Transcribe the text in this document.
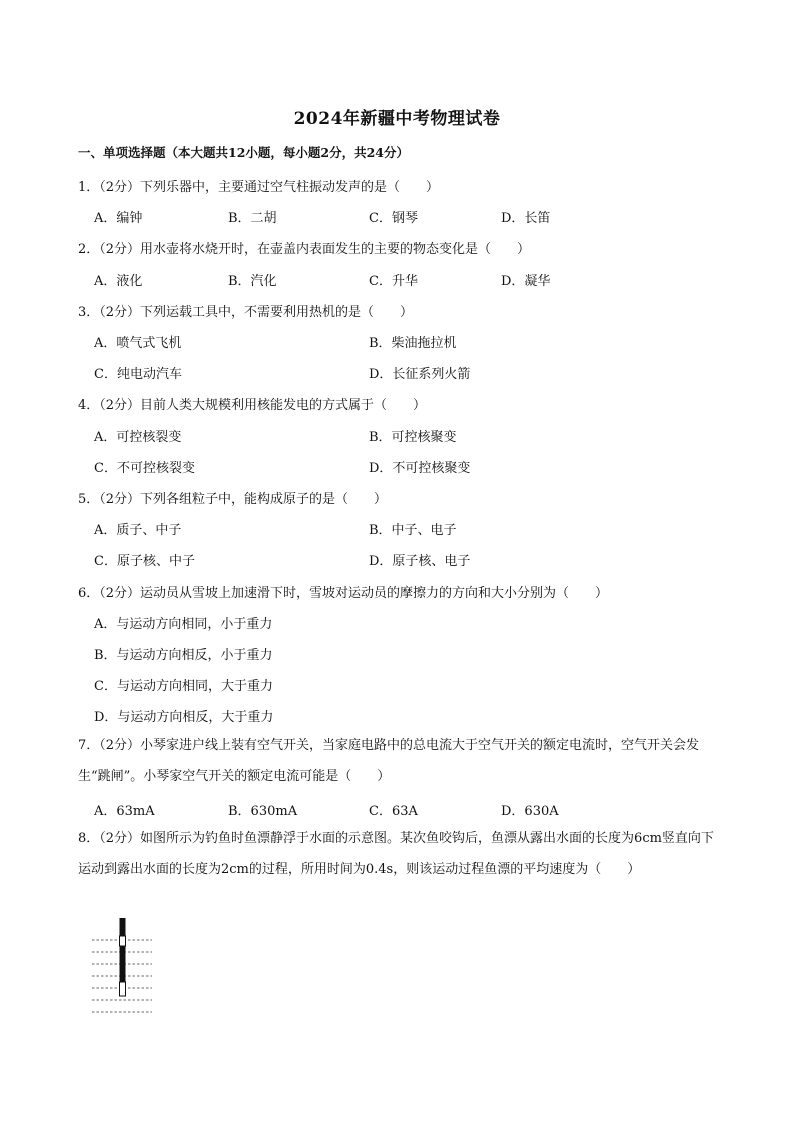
2024年新疆中考物理试卷
一、单项选择题（本大题共12小题，每小题2分，共24分）
1．（2分）下列乐器中，主要通过空气柱振动发声的是（　　）
A．编钟	B．二胡	C．钢琴	D．长笛
2．（2分）用水壶将水烧开时，在壶盖内表面发生的主要的物态变化是（　　）
A．液化	B．汽化	C．升华	D．凝华
3．（2分）下列运载工具中，不需要利用热机的是（　　）
A．喷气式飞机	B．柴油拖拉机
C．纯电动汽车	D．长征系列火箭
4．（2分）目前人类大规模利用核能发电的方式属于（　　）
A．可控核裂变	B．可控核聚变
C．不可控核裂变	D．不可控核聚变
5．（2分）下列各组粒子中，能构成原子的是（　　）
A．质子、中子	B．中子、电子
C．原子核、中子	D．原子核、电子
6．（2分）运动员从雪坡上加速滑下时，雪坡对运动员的摩擦力的方向和大小分别为（　　）
A．与运动方向相同，小于重力
B．与运动方向相反，小于重力
C．与运动方向相同，大于重力
D．与运动方向相反，大于重力
7．（2分）小琴家进户线上装有空气开关，当家庭电路中的总电流大于空气开关的额定电流时，空气开关会发生“跳闸”。小琴家空气开关的额定电流可能是（　　）
A．63mA	B．630mA	C．63A	D．630A
8．（2分）如图所示为钓鱼时鱼漂静浮于水面的示意图。某次鱼咬钩后，鱼漂从露出水面的长度为6cm竖直向下运动到露出水面的长度为2cm的过程，所用时间为0.4s，则该运动过程鱼漂的平均速度为（　　）
